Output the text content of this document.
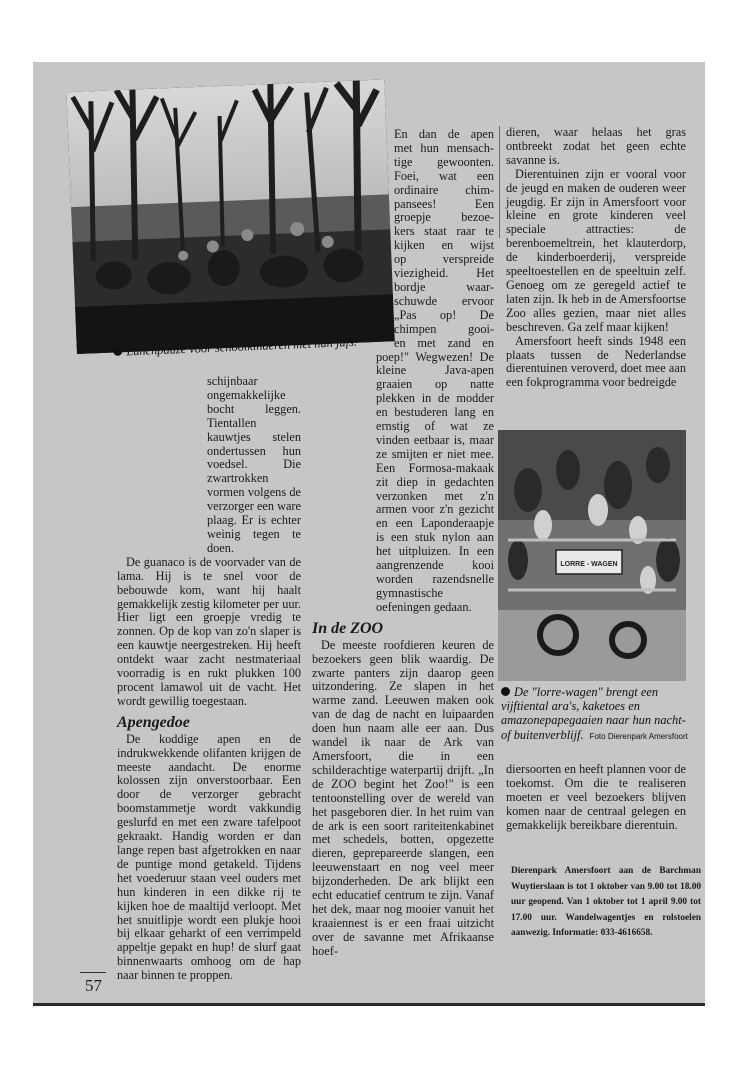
Lunchpauze voor schoolkinderen met hun jufs.

schijnbaar ongemakkelijke bocht leggen. Tientallen kauwtjes stelen ondertussen hun voedsel. Die zwartrokken vormen volgens de verzorger een ware plaag. Er is echter weinig tegen te doen.

De guanaco is de voorvader van de lama. Hij is te snel voor de bebouwde kom, want hij haalt gemakkelijk zestig kilometer per uur. Hier ligt een groepje vredig te zonnen. Op de kop van zo'n slaper is een kauwtje neergestreken. Hij heeft ontdekt waar zacht nestmateriaal voorradig is en rukt plukken 100 procent lamawol uit de vacht. Het wordt gewillig toegestaan.

Apengedoe

De koddige apen en de indrukwekkende olifanten krijgen de meeste aandacht. De enorme kolossen zijn onverstoorbaar. Een door de verzorger gebracht boomstammetje wordt vakkundig geslurfd en met een zware tafelpoot gekraakt. Handig worden er dan lange repen bast afgetrokken en naar de puntige mond getakeld. Tijdens het voederuur staan veel ouders met hun kinderen in een dikke rij te kijken hoe de maaltijd verloopt. Met het snuitlipje wordt een plukje hooi bij elkaar geharkt of een verrimpeld appeltje gepakt en hup! de slurf gaat binnenwaarts omhoog om de hap naar binnen te proppen.

57
En dan de apen
met hun mensach-
tige gewoonten.
Foei, wat een
ordinaire chim-
pansees! Een
groepje bezoe-
kers staat raar te
kijken en wijst
op verspreide
viezigheid. Het
bordje waar-
schuwde ervoor
„Pas op! De
chimpen gooi-
en met zand en

poep!" Wegwezen! De kleine Java-apen graaien op natte plekken in de modder en bestuderen lang en ernstig of wat ze vinden eetbaar is, maar ze smijten er niet mee. Een Formosa-makaak zit diep in gedachten verzonken met z'n armen voor z'n gezicht en een Laponderaapje is een stuk nylon aan het uitpluizen. In een aangrenzende kooi worden razendsnelle gymnastische oefeningen gedaan.

In de ZOO

De meeste roofdieren keuren de bezoekers geen blik waardig. De zwarte panters zijn daarop geen uitzondering. Ze slapen in het warme zand. Leeuwen maken ook van de dag de nacht en luipaarden doen hun naam alle eer aan. Dus wandel ik naar de Ark van Amersfoort, die in een schilderachtige waterpartij drijft. „In de ZOO begint het Zoo!" is een tentoonstelling over de wereld van het pasgeboren dier. In het ruim van de ark is een soort rariteitenkabinet met schedels, botten, opgezette dieren, geprepareerde slangen, een leeuwenstaart en nog veel meer bijzonderheden. De ark blijkt een echt educatief centrum te zijn. Vanaf het dek, maar nog mooier vanuit het kraaiennest is er een fraai uitzicht over de savanne met Afrikaanse hoef-

dieren, waar helaas het gras ontbreekt zodat het geen echte savanne is.

Dierentuinen zijn er vooral voor de jeugd en maken de ouderen weer jeugdig. Er zijn in Amersfoort voor kleine en grote kinderen veel speciale attracties: de berenboemeltrein, het klauterdorp, de kinderboerderij, verspreide speeltoestellen en de speeltuin zelf. Genoeg om ze geregeld actief te laten zijn. Ik heb in de Amersfoortse Zoo alles gezien, maar niet alles beschreven. Ga zelf maar kijken!

Amersfoort heeft sinds 1948 een plaats tussen de Nederlandse dierentuinen veroverd, doet mee aan een fokprogramma voor bedreigde

LORRE - WAGEN
De "lorre-wagen" brengt een vijftiental ara's, kaketoes en amazonepapegaaien naar hun nacht- of buitenverblijf. Foto Dierenpark Amersfoort

diersoorten en heeft plannen voor de toekomst. Om die te realiseren moeten er veel bezoekers blijven komen naar de centraal gelegen en gemakkelijk bereikbare dierentuin.

Dierenpark Amersfoort aan de Barchman Wuytierslaan is tot 1 oktober van 9.00 tot 18.00 uur geopend. Van 1 oktober tot 1 april 9.00 tot 17.00 uur. Wandelwagentjes en rolstoelen aanwezig. Informatie: 033-4616658.
